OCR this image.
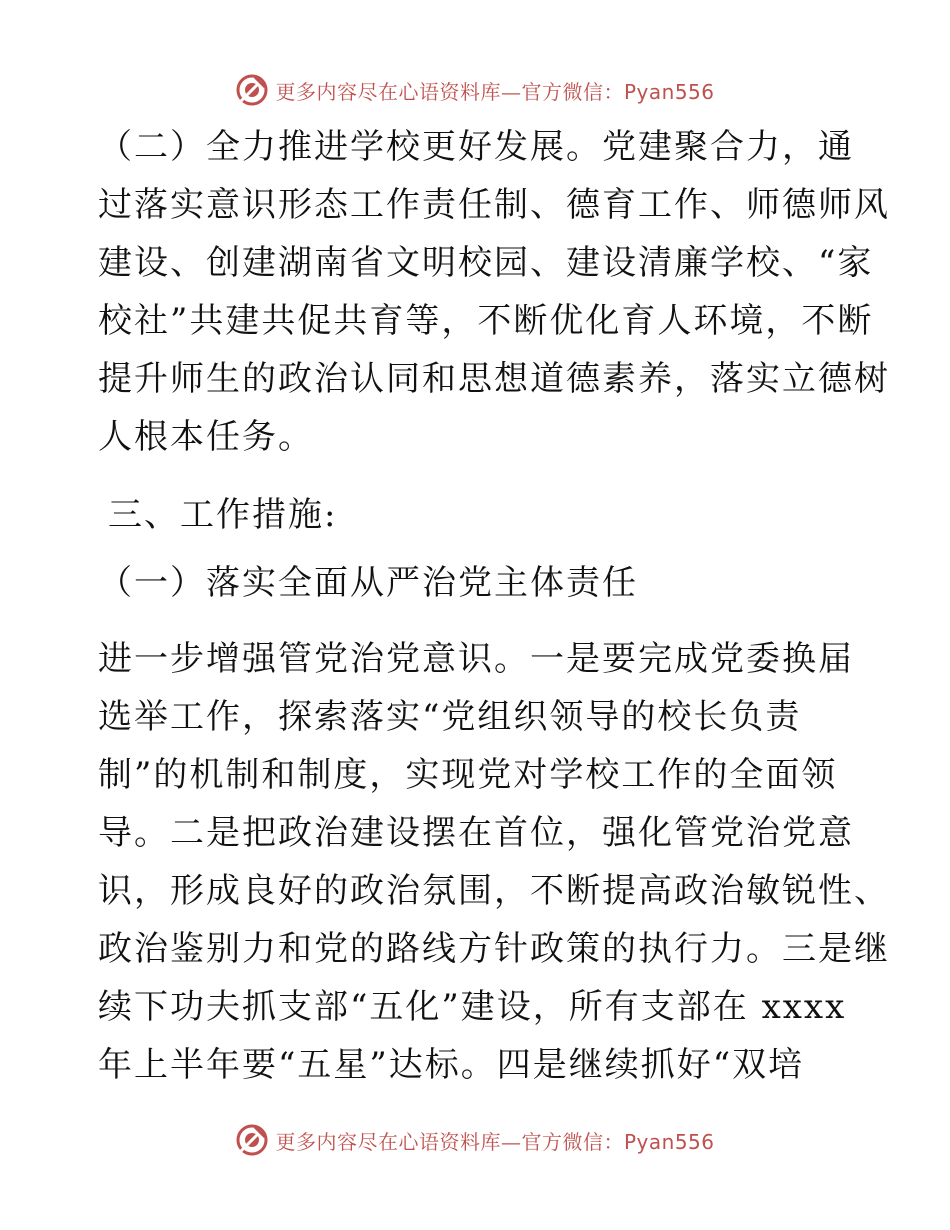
更多内容尽在心语资料库—官方微信：Pyan556
（二）全力推进学校更好发展。党建聚合力，通
过落实意识形态工作责任制、德育工作、师德师风
建设、创建湖南省文明校园、建设清廉学校、“家
校社”共建共促共育等，不断优化育人环境，不断
提升师生的政治认同和思想道德素养，落实立德树
人根本任务。
三、工作措施:
（一）落实全面从严治党主体责任
进一步增强管党治党意识。一是要完成党委换届
选举工作，探索落实“党组织领导的校长负责
制”的机制和制度，实现党对学校工作的全面领
导。二是把政治建设摆在首位，强化管党治党意
识，形成良好的政治氛围，不断提高政治敏锐性、
政治鉴别力和党的路线方针政策的执行力。三是继
续下功夫抓支部“五化”建设，所有支部在 xxxx
年上半年要“五星”达标。四是继续抓好“双培
更多内容尽在心语资料库—官方微信：Pyan556
